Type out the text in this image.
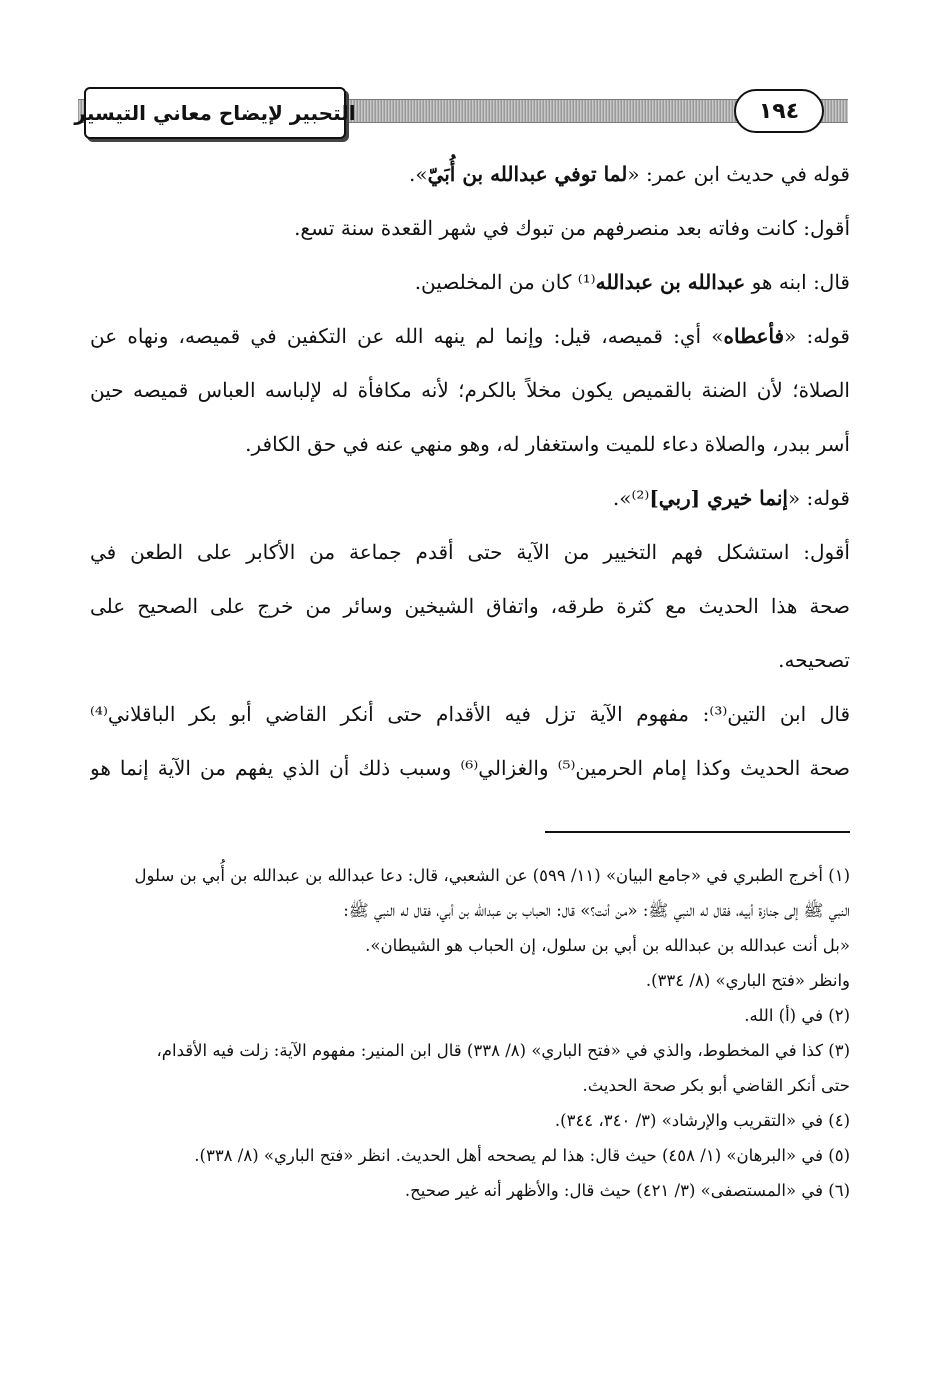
التحبير لإيضاح معاني التيسير	١٩٤
قوله في حديث ابن عمر: «لما توفي عبدالله بن أُبَيّ».
أقول: كانت وفاته بعد منصرفهم من تبوك في شهر القعدة سنة تسع.
قال: ابنه هو عبدالله بن عبدالله⁽¹⁾ كان من المخلصين.
قوله: «فأعطاه» أي: قميصه، قيل: وإنما لم ينهه الله عن التكفين في قميصه، ونهاه عن
الصلاة؛ لأن الضنة بالقميص يكون مخلاً بالكرم؛ لأنه مكافأة له لإلباسه العباس قميصه حين
أسر ببدر، والصلاة دعاء للميت واستغفار له، وهو منهي عنه في حق الكافر.
قوله: «إنما خيري [ربي]⁽²⁾».
أقول: استشكل فهم التخيير من الآية حتى أقدم جماعة من الأكابر على الطعن في
صحة هذا الحديث مع كثرة طرقه، واتفاق الشيخين وسائر من خرج على الصحيح على
تصحيحه.
قال ابن التين⁽³⁾: مفهوم الآية تزل فيه الأقدام حتى أنكر القاضي أبو بكر الباقلاني⁽⁴⁾
صحة الحديث وكذا إمام الحرمين⁽⁵⁾ والغزالي⁽⁶⁾ وسبب ذلك أن الذي يفهم من الآية إنما هو
(١) أخرج الطبري في «جامع البيان» (١١/ ٥٩٩) عن الشعبي، قال: دعا عبدالله بن عبدالله بن أُبي بن سلول
النبي ﷺ إلى جنازة أبيه، فقال له النبي ﷺ: «من أنت؟» قال: الحباب بن عبدالله بن أبي، فقال له النبي ﷺ:
«بل أنت عبدالله بن عبدالله بن أبي بن سلول، إن الحباب هو الشيطان».
وانظر «فتح الباري» (٨/ ٣٣٤).
(٢) في (أ) الله.
(٣) كذا في المخطوط، والذي في «فتح الباري» (٨/ ٣٣٨) قال ابن المنير: مفهوم الآية: زلت فيه الأقدام،
حتى أنكر القاضي أبو بكر صحة الحديث.
(٤) في «التقريب والإرشاد» (٣/ ٣٤٠، ٣٤٤).
(٥) في «البرهان» (١/ ٤٥٨) حيث قال: هذا لم يصححه أهل الحديث. انظر «فتح الباري» (٨/ ٣٣٨).
(٦) في «المستصفى» (٣/ ٤٢١) حيث قال: والأظهر أنه غير صحيح.
